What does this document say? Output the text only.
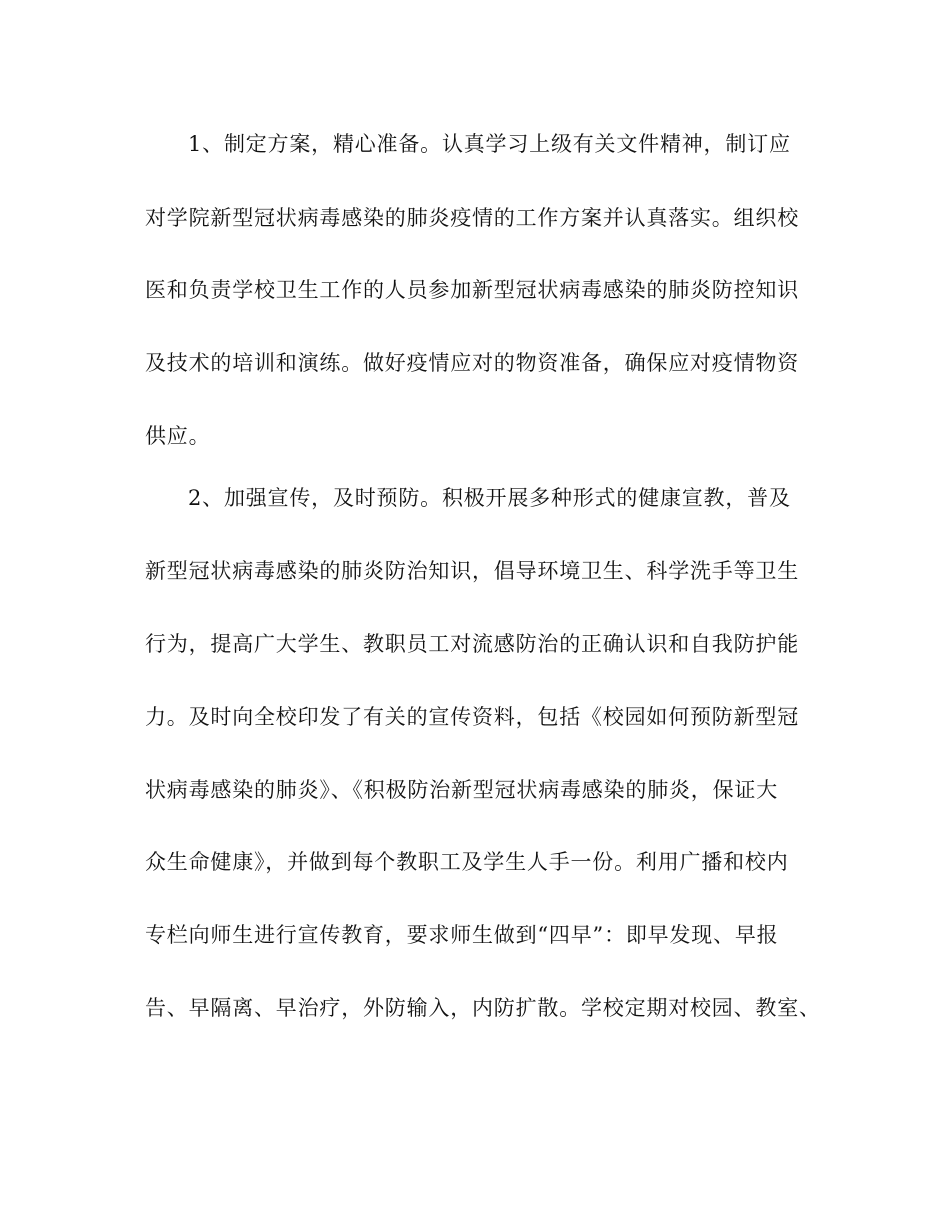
1、制定方案，精心准备。认真学习上级有关文件精神，制订应
对学院新型冠状病毒感染的肺炎疫情的工作方案并认真落实。组织校
医和负责学校卫生工作的人员参加新型冠状病毒感染的肺炎防控知识
及技术的培训和演练。做好疫情应对的物资准备，确保应对疫情物资
供应。
2、加强宣传，及时预防。积极开展多种形式的健康宣教，普及
新型冠状病毒感染的肺炎防治知识，倡导环境卫生、科学洗手等卫生
行为，提高广大学生、教职员工对流感防治的正确认识和自我防护能
力。及时向全校印发了有关的宣传资料，包括《校园如何预防新型冠
状病毒感染的肺炎》、《积极防治新型冠状病毒感染的肺炎，保证大
众生命健康》，并做到每个教职工及学生人手一份。利用广播和校内
专栏向师生进行宣传教育，要求师生做到“四早”：即早发现、早报
告、早隔离、早治疗，外防输入，内防扩散。学校定期对校园、教室、
